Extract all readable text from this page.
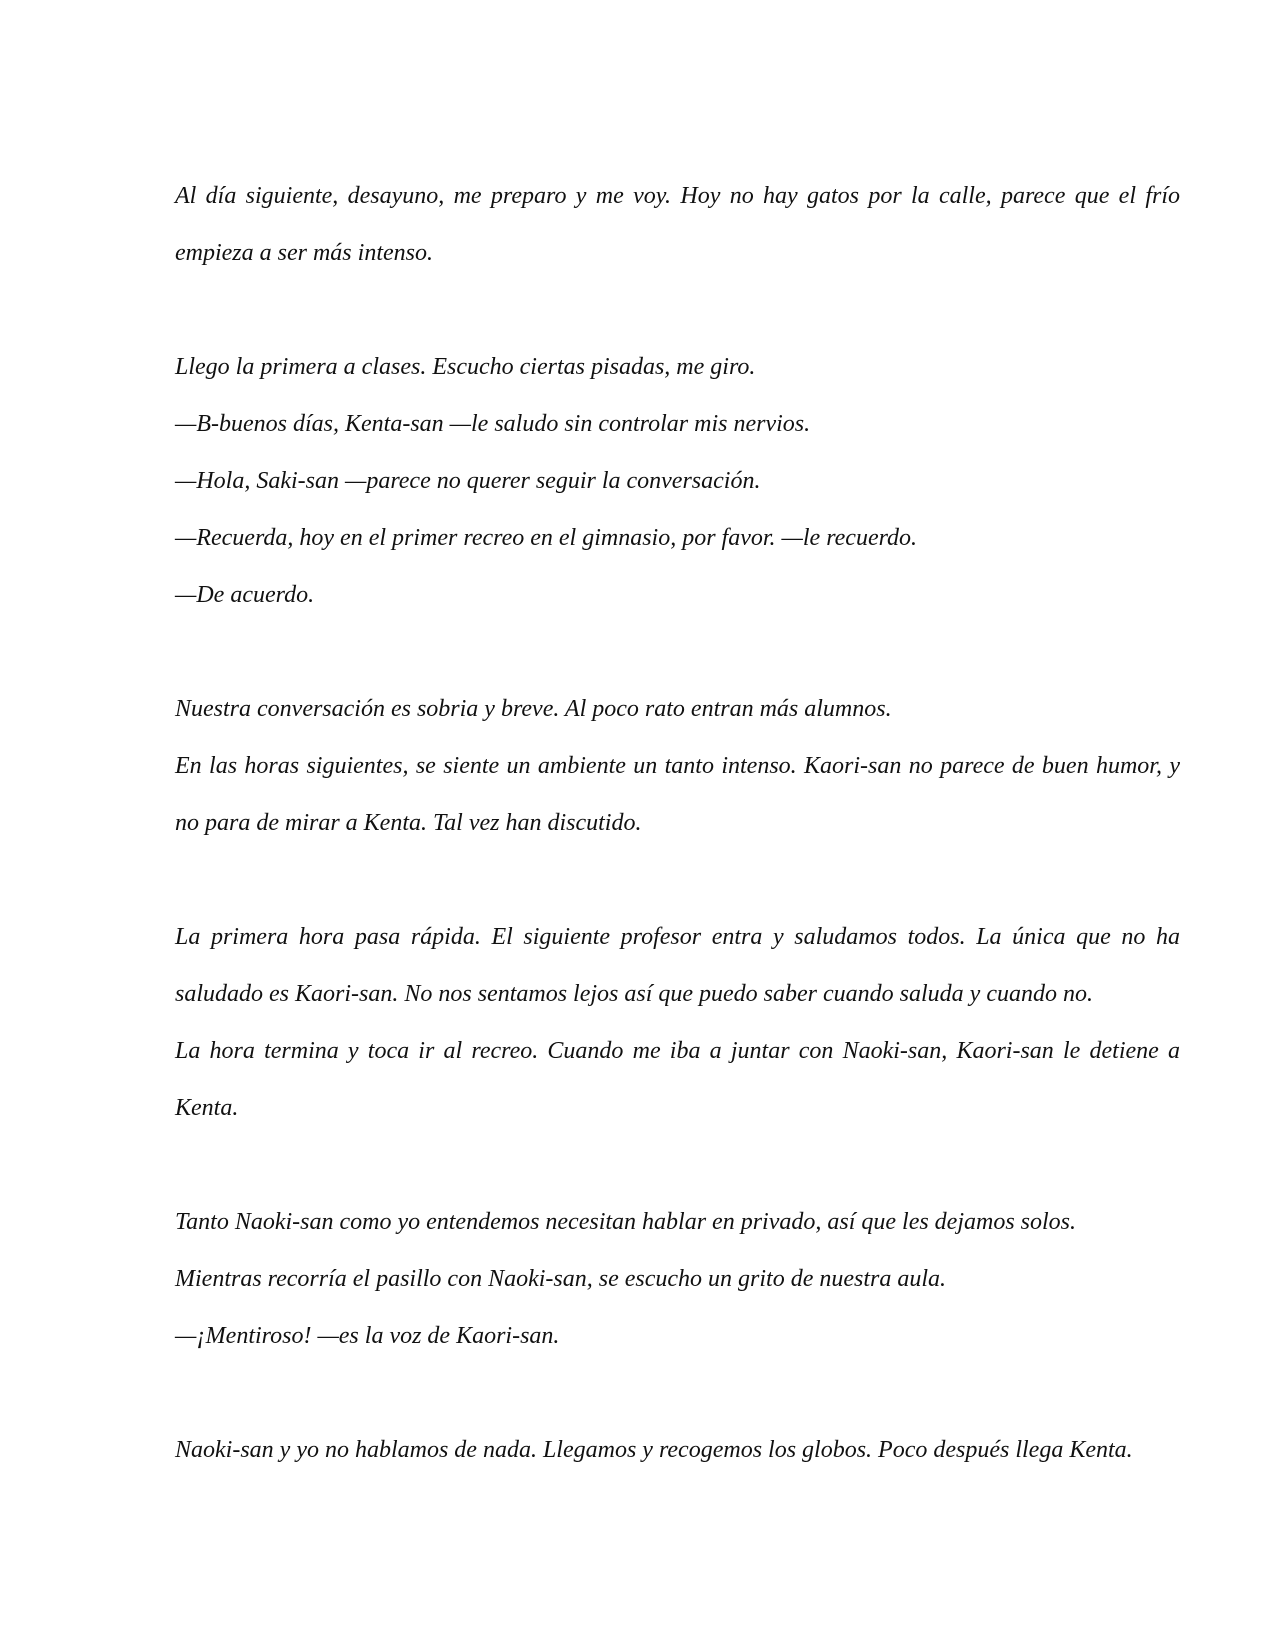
Al día siguiente, desayuno, me preparo y me voy. Hoy no hay gatos por la calle, parece que el frío empieza a ser más intenso.

Llego la primera a clases. Escucho ciertas pisadas, me giro.

—B-buenos días, Kenta-san —le saludo sin controlar mis nervios.

—Hola, Saki-san —parece no querer seguir la conversación.

—Recuerda, hoy en el primer recreo en el gimnasio, por favor. —le recuerdo.

—De acuerdo.

Nuestra conversación es sobria y breve. Al poco rato entran más alumnos.

En las horas siguientes, se siente un ambiente un tanto intenso. Kaori-san no parece de buen humor, y no para de mirar a Kenta. Tal vez han discutido.

La primera hora pasa rápida. El siguiente profesor entra y saludamos todos. La única que no ha saludado es Kaori-san. No nos sentamos lejos así que puedo saber cuando saluda y cuando no.

La hora termina y toca ir al recreo. Cuando me iba a juntar con Naoki-san, Kaori-san le detiene a Kenta.

Tanto Naoki-san como yo entendemos necesitan hablar en privado, así que les dejamos solos.

Mientras recorría el pasillo con Naoki-san, se escucho un grito de nuestra aula.

—¡Mentiroso! —es la voz de Kaori-san.

Naoki-san y yo no hablamos de nada. Llegamos y recogemos los globos. Poco después llega Kenta.
